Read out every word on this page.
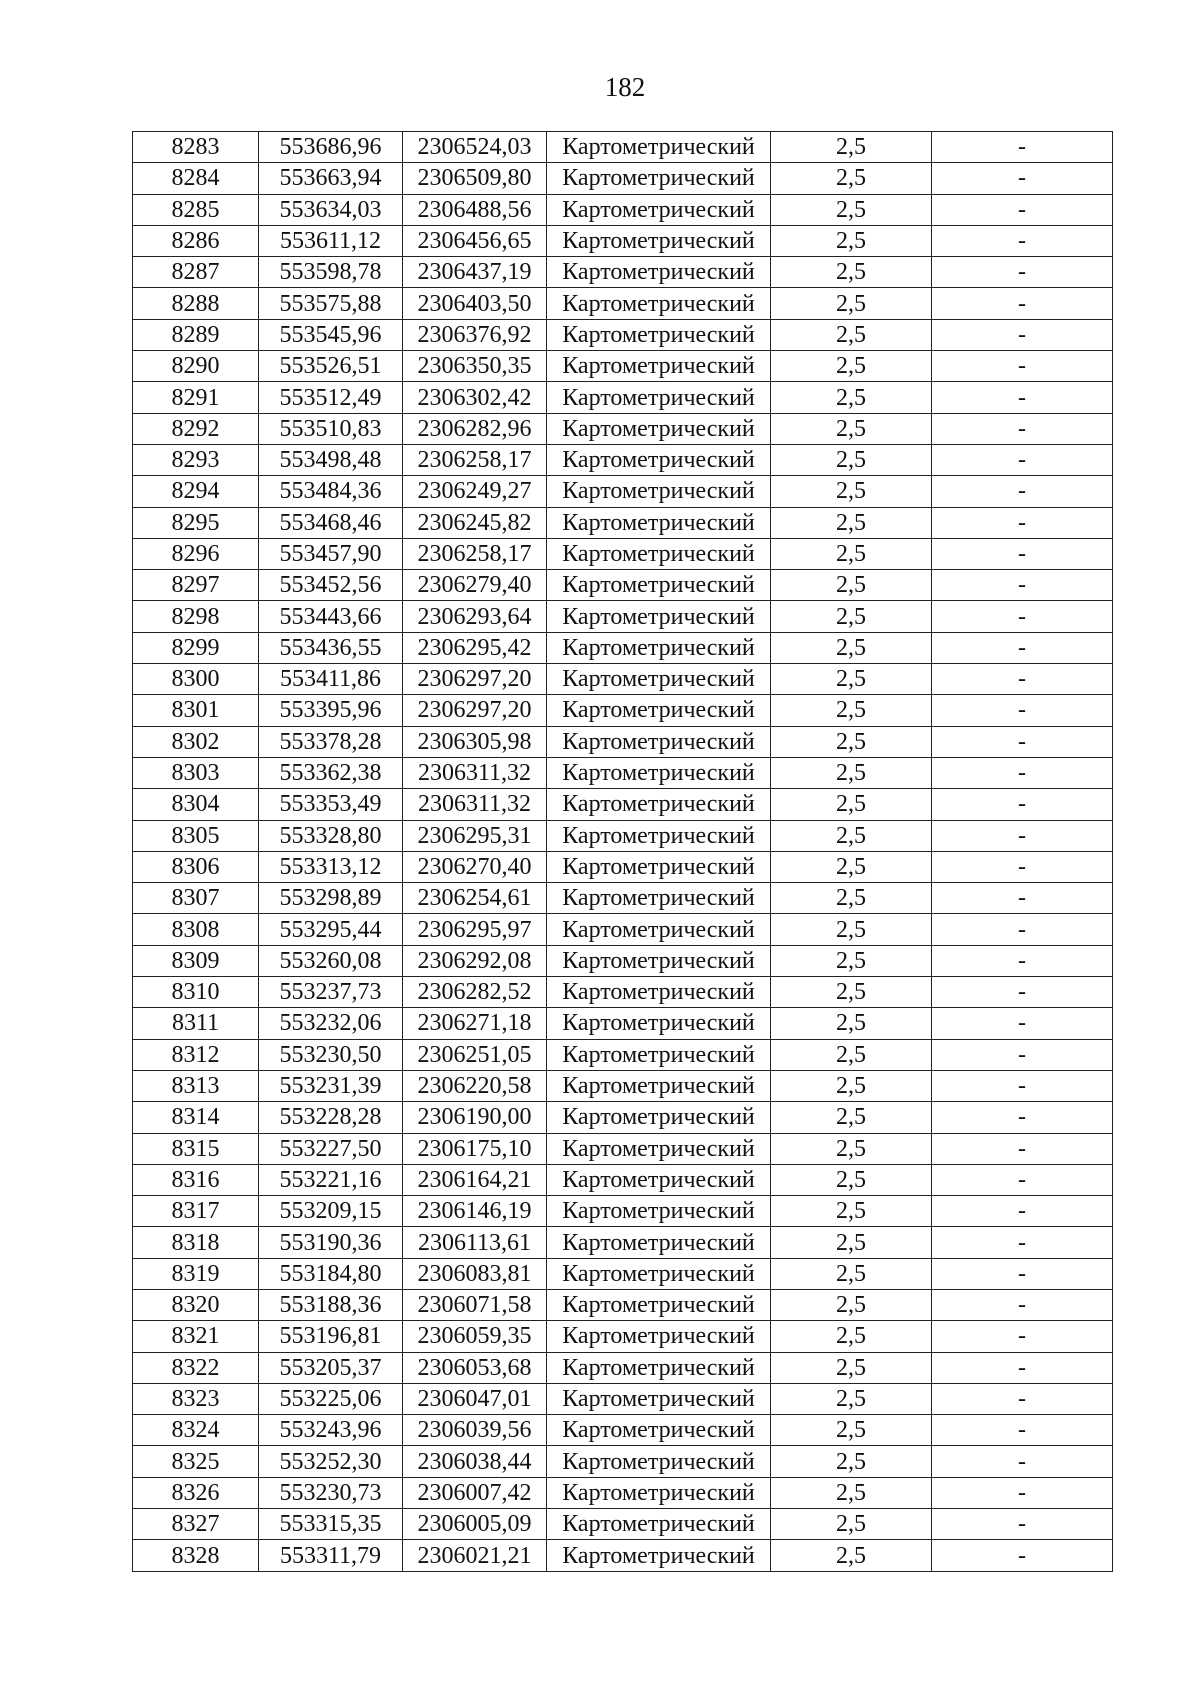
182
8283	553686,96	2306524,03	Картометрический	2,5	-
8284	553663,94	2306509,80	Картометрический	2,5	-
8285	553634,03	2306488,56	Картометрический	2,5	-
8286	553611,12	2306456,65	Картометрический	2,5	-
8287	553598,78	2306437,19	Картометрический	2,5	-
8288	553575,88	2306403,50	Картометрический	2,5	-
8289	553545,96	2306376,92	Картометрический	2,5	-
8290	553526,51	2306350,35	Картометрический	2,5	-
8291	553512,49	2306302,42	Картометрический	2,5	-
8292	553510,83	2306282,96	Картометрический	2,5	-
8293	553498,48	2306258,17	Картометрический	2,5	-
8294	553484,36	2306249,27	Картометрический	2,5	-
8295	553468,46	2306245,82	Картометрический	2,5	-
8296	553457,90	2306258,17	Картометрический	2,5	-
8297	553452,56	2306279,40	Картометрический	2,5	-
8298	553443,66	2306293,64	Картометрический	2,5	-
8299	553436,55	2306295,42	Картометрический	2,5	-
8300	553411,86	2306297,20	Картометрический	2,5	-
8301	553395,96	2306297,20	Картометрический	2,5	-
8302	553378,28	2306305,98	Картометрический	2,5	-
8303	553362,38	2306311,32	Картометрический	2,5	-
8304	553353,49	2306311,32	Картометрический	2,5	-
8305	553328,80	2306295,31	Картометрический	2,5	-
8306	553313,12	2306270,40	Картометрический	2,5	-
8307	553298,89	2306254,61	Картометрический	2,5	-
8308	553295,44	2306295,97	Картометрический	2,5	-
8309	553260,08	2306292,08	Картометрический	2,5	-
8310	553237,73	2306282,52	Картометрический	2,5	-
8311	553232,06	2306271,18	Картометрический	2,5	-
8312	553230,50	2306251,05	Картометрический	2,5	-
8313	553231,39	2306220,58	Картометрический	2,5	-
8314	553228,28	2306190,00	Картометрический	2,5	-
8315	553227,50	2306175,10	Картометрический	2,5	-
8316	553221,16	2306164,21	Картометрический	2,5	-
8317	553209,15	2306146,19	Картометрический	2,5	-
8318	553190,36	2306113,61	Картометрический	2,5	-
8319	553184,80	2306083,81	Картометрический	2,5	-
8320	553188,36	2306071,58	Картометрический	2,5	-
8321	553196,81	2306059,35	Картометрический	2,5	-
8322	553205,37	2306053,68	Картометрический	2,5	-
8323	553225,06	2306047,01	Картометрический	2,5	-
8324	553243,96	2306039,56	Картометрический	2,5	-
8325	553252,30	2306038,44	Картометрический	2,5	-
8326	553230,73	2306007,42	Картометрический	2,5	-
8327	553315,35	2306005,09	Картометрический	2,5	-
8328	553311,79	2306021,21	Картометрический	2,5	-
